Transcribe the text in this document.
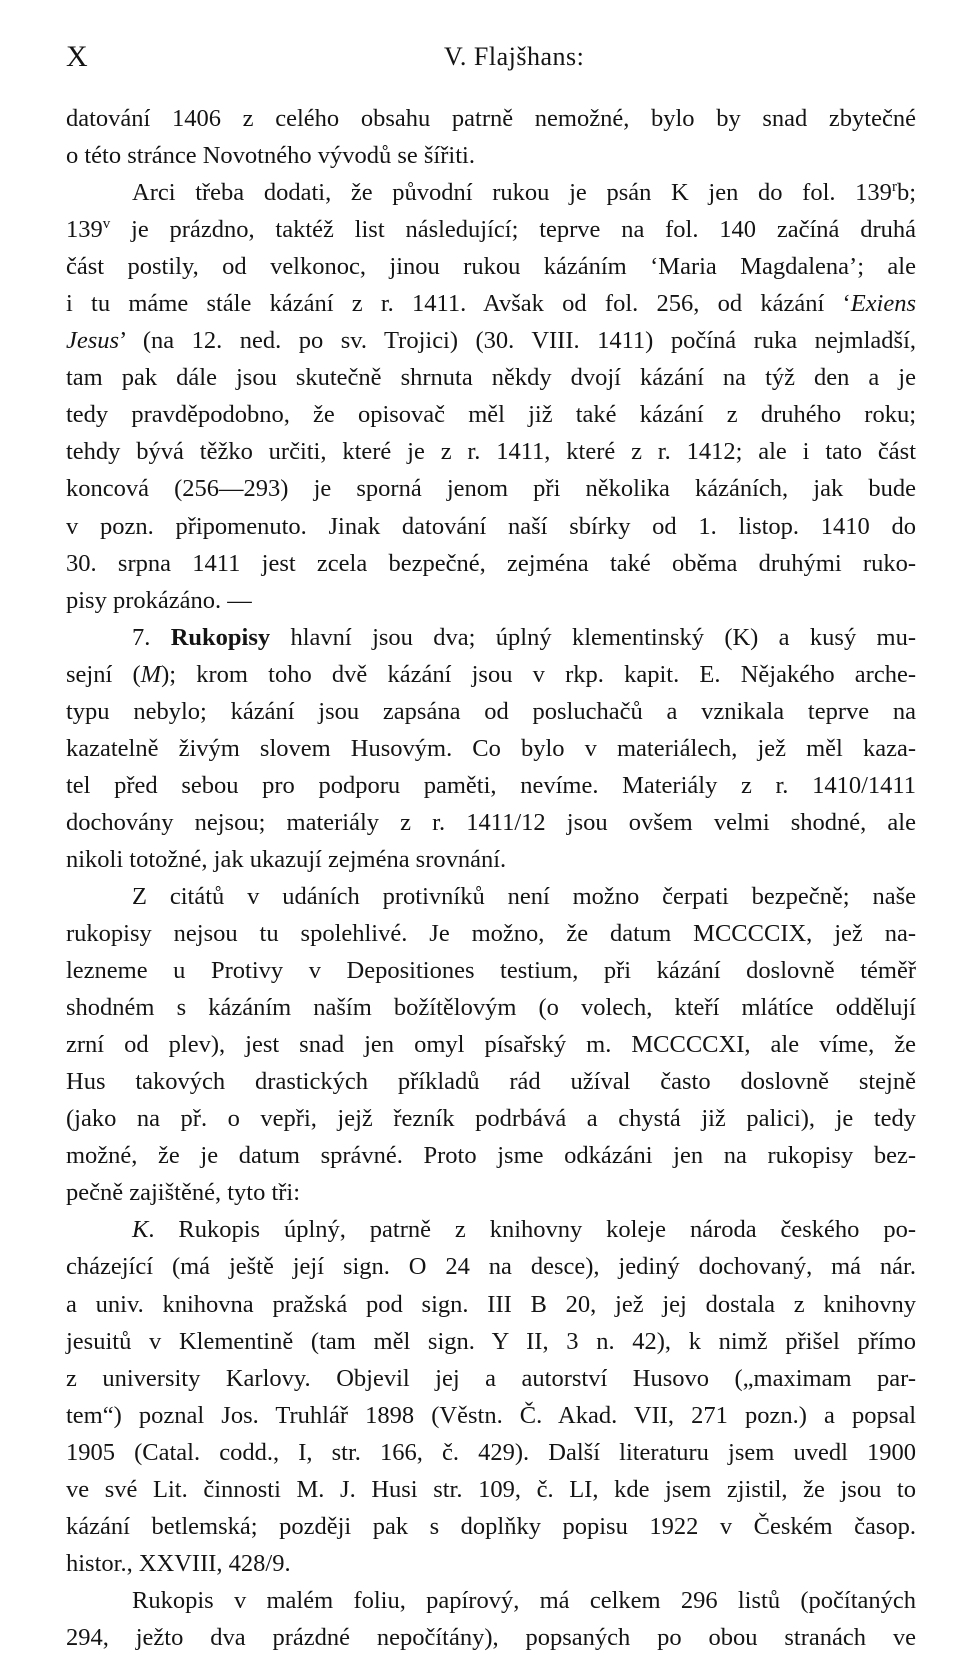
X	V. Flajšhans:
datování 1406 z celého obsahu patrně nemožné, bylo by snad zbytečné
o této stránce Novotného vývodů se šířiti.
Arci třeba dodati, že původní rukou je psán K jen do fol. 139$^r$b;
139$^v$ je prázdno, taktéž list následující; teprve na fol. 140 začíná druhá
část postily, od velkonoc, jinou rukou kázáním ‘Maria Magdalena’; ale
i tu máme stále kázání z r. 1411. Avšak od fol. 256, od kázání ‘Exiens
Jesus’ (na 12. ned. po sv. Trojici) (30. VIII. 1411) počíná ruka nejmladší,
tam pak dále jsou skutečně shrnuta někdy dvojí kázání na týž den a je
tedy pravděpodobno, že opisovač měl již také kázání z druhého roku;
tehdy bývá těžko určiti, které je z r. 1411, které z r. 1412; ale i tato část
koncová (256—293) je sporná jenom při několika kázáních, jak bude
v pozn. připomenuto. Jinak datování naší sbírky od 1. listop. 1410 do
30. srpna 1411 jest zcela bezpečné, zejména také oběma druhými ruko-
pisy prokázáno. —
7. Rukopisy hlavní jsou dva; úplný klementinský (K) a kusý mu-
sejní (M); krom toho dvě kázání jsou v rkp. kapit. E. Nějakého arche-
typu nebylo; kázání jsou zapsána od posluchačů a vznikala teprve na
kazatelně živým slovem Husovým. Co bylo v materiálech, jež měl kaza-
tel před sebou pro podporu paměti, nevíme. Materiály z r. 1410/1411
dochovány nejsou; materiály z r. 1411/12 jsou ovšem velmi shodné, ale
nikoli totožné, jak ukazují zejména srovnání.
Z citátů v udáních protivníků není možno čerpati bezpečně; naše
rukopisy nejsou tu spolehlivé. Je možno, že datum MCCCCIX, jež na-
lezneme u Protivy v Depositiones testium, při kázání doslovně téměř
shodném s kázáním naším božítělovým (o volech, kteří mlátíce oddělují
zrní od plev), jest snad jen omyl písařský m. MCCCCXI, ale víme, že
Hus takových drastických příkladů rád užíval často doslovně stejně
(jako na př. o vepři, jejž řezník podrbává a chystá již palici), je tedy
možné, že je datum správné. Proto jsme odkázáni jen na rukopisy bez-
pečně zajištěné, tyto tři:
K. Rukopis úplný, patrně z knihovny koleje národa českého po-
cházející (má ještě její sign. O 24 na desce), jediný dochovaný, má nár.
a univ. knihovna pražská pod sign. III B 20, jež jej dostala z knihovny
jesuitů v Klementině (tam měl sign. Y II, 3 n. 42), k nimž přišel přímo
z university Karlovy. Objevil jej a autorství Husovo („maximam par-
tem“) poznal Jos. Truhlář 1898 (Věstn. Č. Akad. VII, 271 pozn.) a popsal
1905 (Catal. codd., I, str. 166, č. 429). Další literaturu jsem uvedl 1900
ve své Lit. činnosti M. J. Husi str. 109, č. LI, kde jsem zjistil, že jsou to
kázání betlemská; později pak s doplňky popisu 1922 v Českém časop.
histor., XXVIII, 428/9.
Rukopis v malém foliu, papírový, má celkem 296 listů (počítaných
294, ježto dva prázdné nepočítány), popsaných po obou stranách ve
